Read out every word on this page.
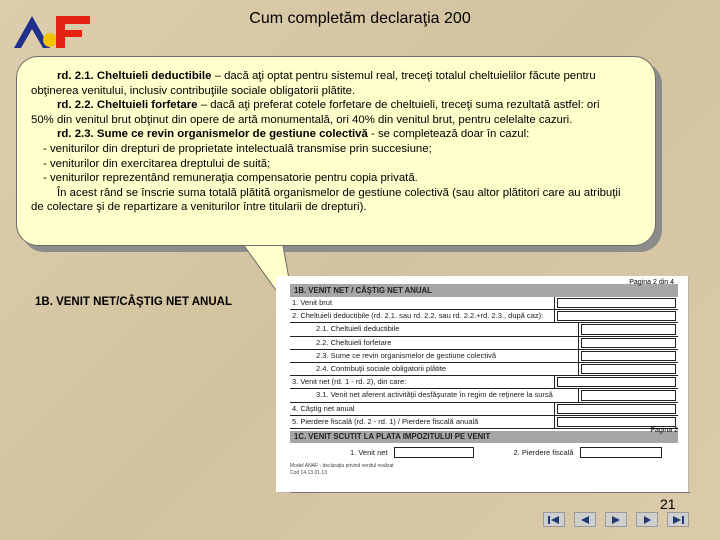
Cum completăm declaraţia 200

rd. 2.1. Cheltuieli deductibile – dacă aţi optat pentru sistemul real, treceţi totalul cheltuielilor făcute pentru

obţinerea venitului, inclusiv contribuţiile sociale obligatorii plătite.

rd. 2.2. Cheltuieli forfetare – dacă aţi preferat cotele forfetare de cheltuieli, treceţi suma rezultată astfel: ori

50% din venitul brut obţinut din opere de artă monumentală, ori 40% din venitul brut, pentru celelalte cazuri.

rd. 2.3. Sume ce revin organismelor de gestiune colectivă - se completează doar în cazul:

- veniturilor din drepturi de proprietate intelectuală transmise prin succesiune;

- veniturilor din exercitarea dreptului de suită;

- veniturilor reprezentând remuneraţia compensatorie pentru copia privată.

În acest rând se înscrie suma totală plătită organismelor de gestiune colectivă (sau altor plătitori care au atribuţii

de colectare şi de repartizare a veniturilor între titularii de drepturi).

1B. VENIT NET/CÂŞTIG NET ANUAL
1B. VENIT NET / CÂŞTIG NET ANUAL
1. Venit brut
2. Cheltuieli deductibile (rd. 2.1. sau rd. 2.2. sau rd. 2.2.+rd. 2.3., după caz):
2.1. Cheltuieli deductibile
2.2. Cheltuieli forfetare
2.3. Sume ce revin organismelor de gestiune colectivă
2.4. Contribuţii sociale obligatorii plătite
3. Venit net (rd. 1 - rd. 2), din care:
3.1. Venit net aferent activităţii desfăşurate în regim de reţinere la sursă
4. Câştig net anual
5. Pierdere fiscală (rd. 2 - rd. 1) / Pierdere fiscală anuală
1C. VENIT SCUTIT LA PLATA IMPOZITULUI PE VENIT
1. Venit net	2. Pierdere fiscală
Model ANAF - declaraţia privind venitul realizat
Cod 14.13.01.13
Pagina 2 din 4
Pagina 2
21
